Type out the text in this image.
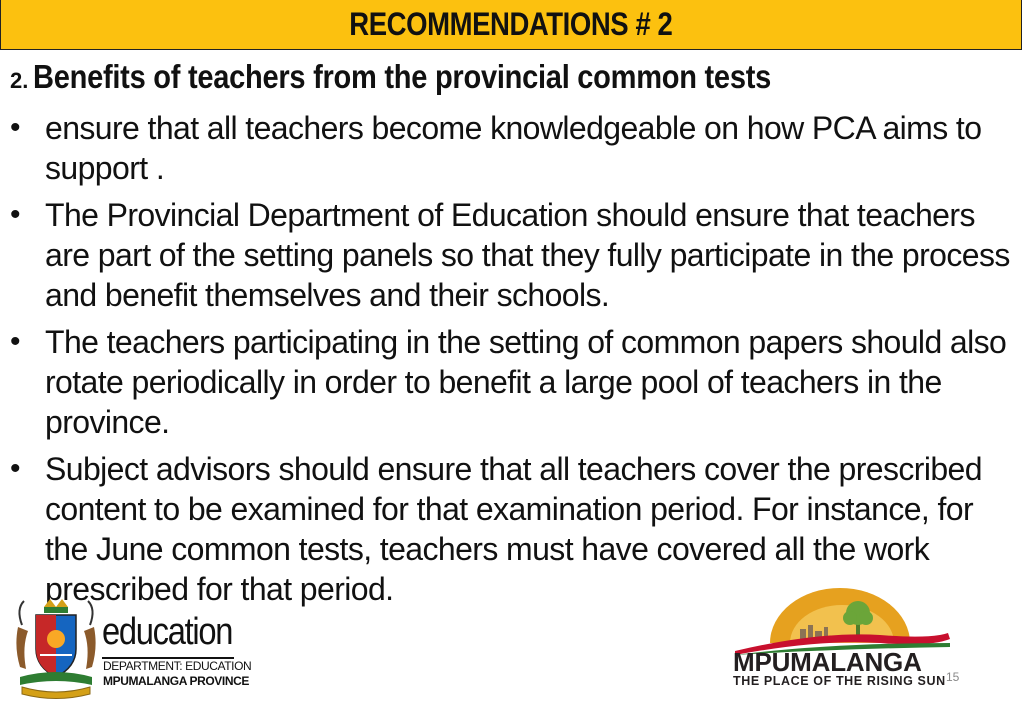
RECOMMENDATIONS # 2
2. Benefits of teachers from the provincial common tests
• ensure that all teachers become knowledgeable on how PCA aims to support .
• The Provincial Department of Education should ensure that teachers are part of the setting panels so that they fully participate in the process and benefit themselves and their schools.
• The teachers participating in the setting of common papers should also rotate periodically in order to benefit a large pool of teachers in the province.
• Subject advisors should ensure that all teachers cover the prescribed content to be examined for that examination period. For instance, for the June common tests, teachers must have covered all the work prescribed for that period.
education
DEPARTMENT: EDUCATION
MPUMALANGA PROVINCE
MPUMALANGA
THE PLACE OF THE RISING SUN 15
